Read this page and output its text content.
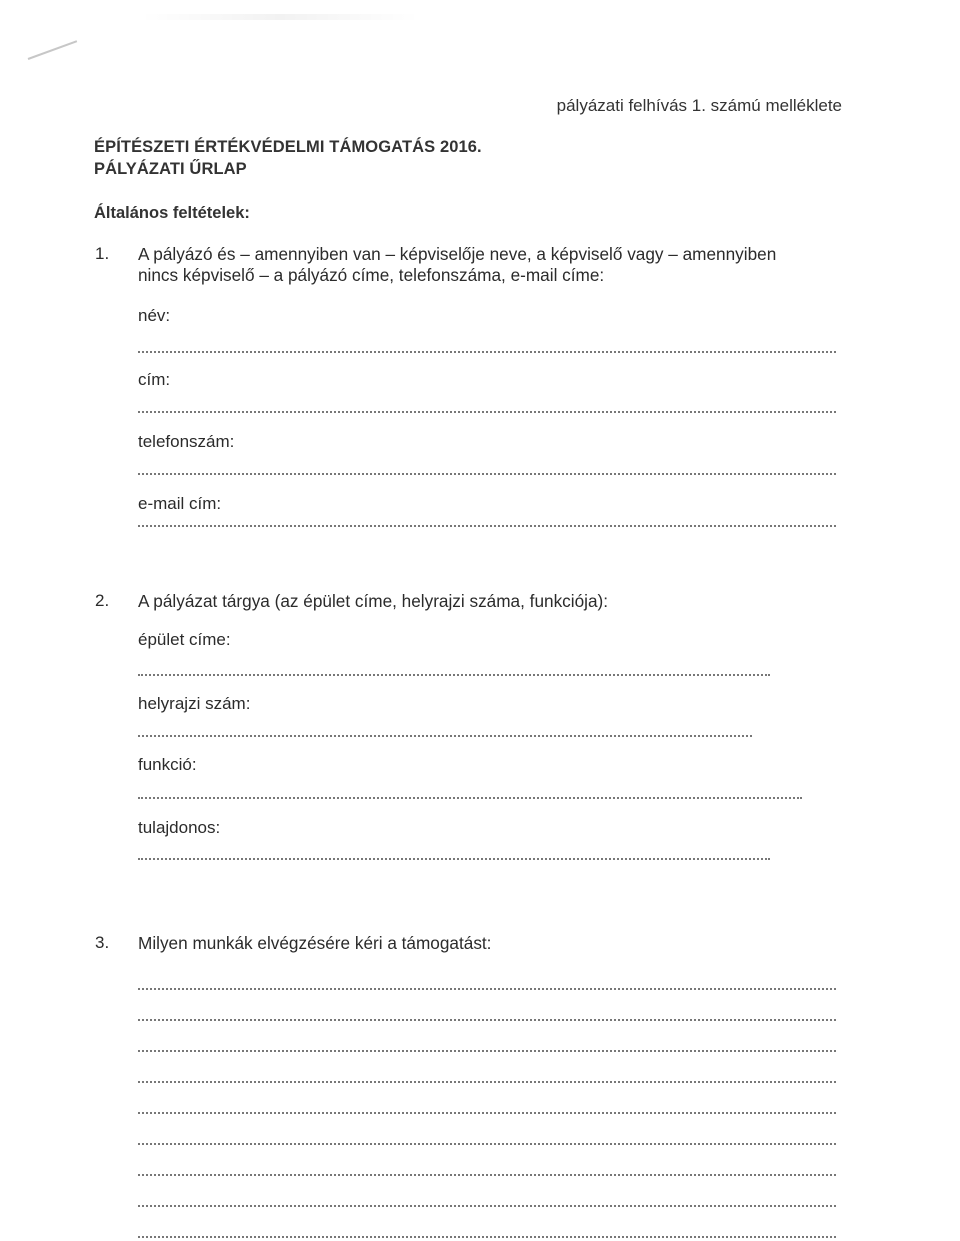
pályázati felhívás 1. számú melléklete
ÉPÍTÉSZETI ÉRTÉKVÉDELMI TÁMOGATÁS 2016.
PÁLYÁZATI ŰRLAP
Általános feltételek:
1. A pályázó és – amennyiben van – képviselője neve, a képviselő vagy – amennyiben
nincs képviselő – a pályázó címe, telefonszáma, e-mail címe:
név:
cím:
telefonszám:
e-mail cím:
2. A pályázat tárgya (az épület címe, helyrajzi száma, funkciója):
épület címe:
helyrajzi szám:
funkció:
tulajdonos:
3. Milyen munkák elvégzésére kéri a támogatást:
